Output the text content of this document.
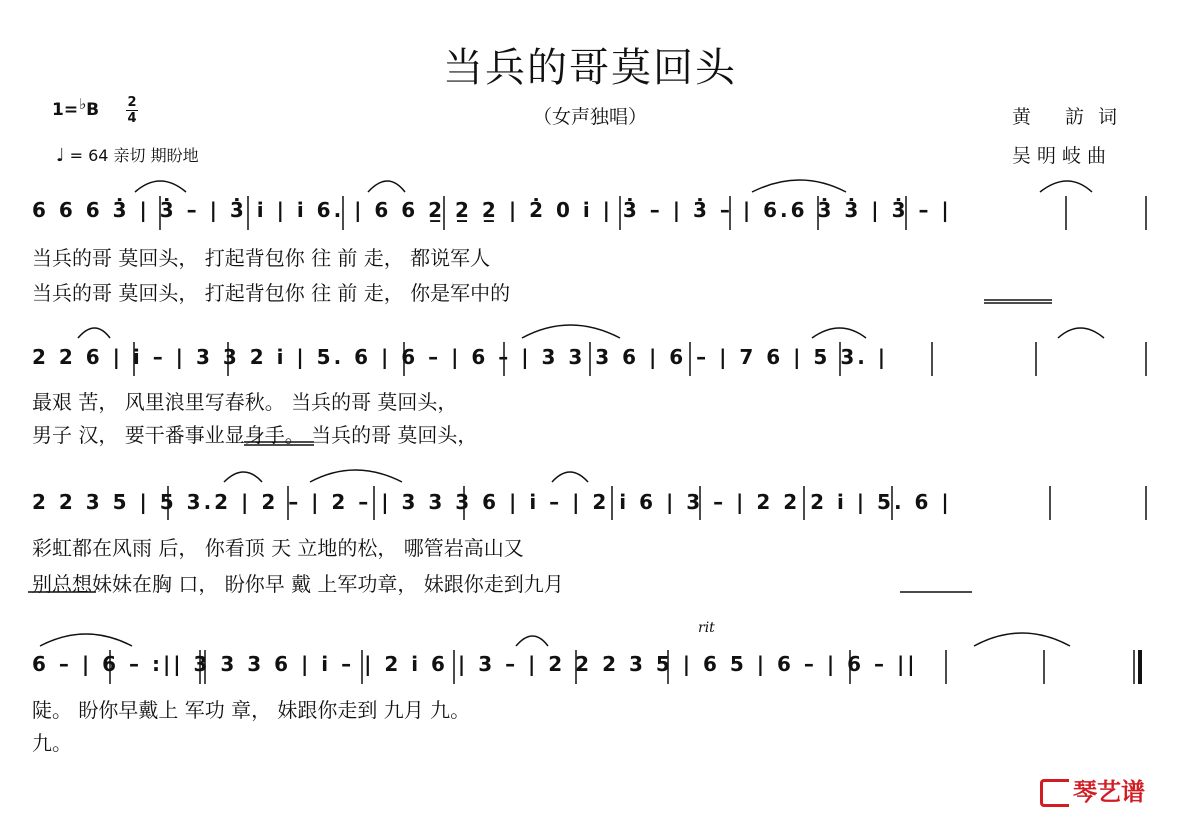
当兵的哥莫回头
1=♭B 2
4	（女声独唱）	黄 訪词
吴明岐曲
♩ = 64 亲切 期盼地
6 6 6 3̇ | 3̇ – | 3̇ i̇ | i̇ 6. | 6 6 2̲ 2̲ 2̲ | 2̇ 0 i̇ | 3̇ – | 3̇ – | 6.6 3̇ 3̇ | 3̇ – |
当兵的哥 莫回头， 打起背包你 往 前 走， 都说军人
当兵的哥 莫回头， 打起背包你 往 前 走， 你是军中的
2 2 6 | i̇ – | 3 3 2 i̇ | 5. 6 | 6 – | 6 – | 3 3 3 6 | 6 – | 7 6 | 5 3. |
最艰 苦， 风里浪里写春秋。 当兵的哥 莫回头，
男子 汉， 要干番事业显身手。 当兵的哥 莫回头，
2 2 3 5 | 5 3.2 | 2 – | 2 – | 3 3 3 6 | i̇ – | 2 i̇ 6 | 3 – | 2 2 2 i̇ | 5. 6 |
彩虹都在风雨 后， 你看顶 天 立地的松， 哪管岩高山又
别总想妹妹在胸 口， 盼你早 戴 上军功章， 妹跟你走到九月
rit
6 – | 6 – :|| 3 3 3 6 | i̇ – | 2 i̇ 6 | 3 – | 2 2 2 3 5 | 6 5 | 6 – | 6 – ||
陡。 盼你早戴上 军功 章， 妹跟你走到 九月 九。
九。
琴艺谱
